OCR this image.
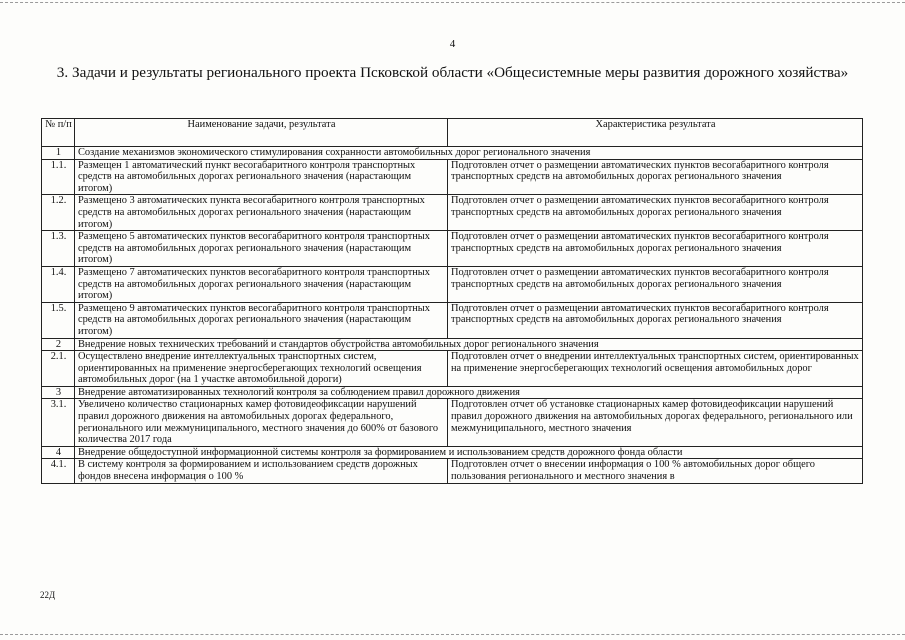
4
3. Задачи и результаты регионального проекта Псковской области «Общесистемные меры развития дорожного хозяйства»
№ п/п	Наименование задачи, результата	Характеристика результата
1	Создание механизмов экономического стимулирования сохранности автомобильных дорог регионального значения	
1.1.	Размещен 1 автоматический пункт весогабаритного контроля транспортных средств на автомобильных дорогах регионального значения (нарастающим итогом)	Подготовлен отчет о размещении автоматических пунктов весогабаритного контроля транспортных средств на автомобильных дорогах регионального значения
1.2.	Размещено 3 автоматических пункта весогабаритного контроля транспортных средств на автомобильных дорогах регионального значения (нарастающим итогом)	Подготовлен отчет о размещении автоматических пунктов весогабаритного контроля транспортных средств на автомобильных дорогах регионального значения
1.3.	Размещено 5 автоматических пунктов весогабаритного контроля транспортных средств на автомобильных дорогах регионального значения (нарастающим итогом)	Подготовлен отчет о размещении автоматических пунктов весогабаритного контроля транспортных средств на автомобильных дорогах регионального значения
1.4.	Размещено 7 автоматических пунктов весогабаритного контроля транспортных средств на автомобильных дорогах регионального значения (нарастающим итогом)	Подготовлен отчет о размещении автоматических пунктов весогабаритного контроля транспортных средств на автомобильных дорогах регионального значения
1.5.	Размещено 9 автоматических пунктов весогабаритного контроля транспортных средств на автомобильных дорогах регионального значения (нарастающим итогом)	Подготовлен отчет о размещении автоматических пунктов весогабаритного контроля транспортных средств на автомобильных дорогах регионального значения
2	Внедрение новых технических требований и стандартов обустройства автомобильных дорог регионального значения	
2.1.	Осуществлено внедрение интеллектуальных транспортных систем, ориентированных на применение энергосберегающих технологий освещения автомобильных дорог (на 1 участке автомобильной дороги)	Подготовлен отчет о внедрении интеллектуальных транспортных систем, ориентированных на применение энергосберегающих технологий освещения автомобильных дорог
3	Внедрение автоматизированных технологий контроля за соблюдением правил дорожного движения	
3.1.	Увеличено количество стационарных камер фотовидеофиксации нарушений правил дорожного движения на автомобильных дорогах федерального, регионального или межмуниципального, местного значения до 600% от базового количества 2017 года	Подготовлен отчет об установке стационарных камер фотовидеофиксации нарушений правил дорожного движения на автомобильных дорогах федерального, регионального или межмуниципального, местного значения
4	Внедрение общедоступной информационной системы контроля за формированием и использованием средств дорожного фонда области	
4.1.	В систему контроля за формированием и использованием средств дорожных фондов внесена информация о 100 %	Подготовлен отчет о внесении информация о 100 % автомобильных дорог общего пользования регионального и местного значения в
22Д
